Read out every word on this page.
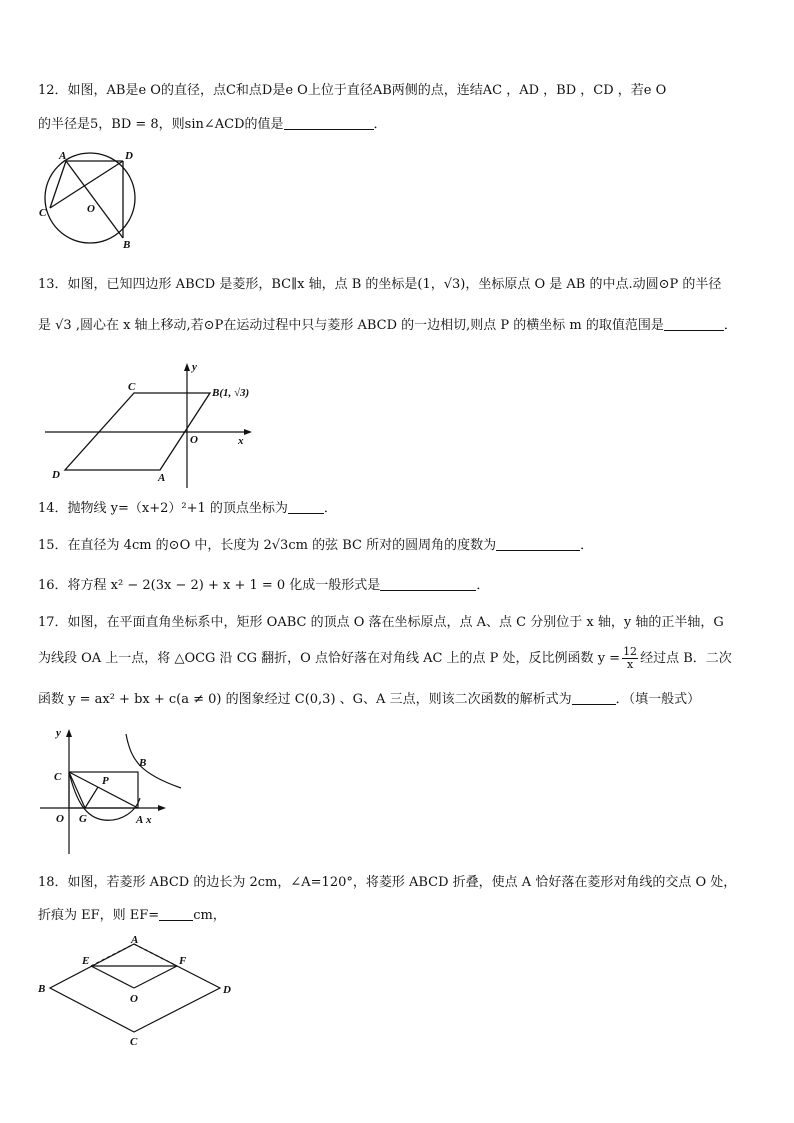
12．如图，AB是e O的直径，点C和点D是e O上位于直径AB两侧的点，连结AC ，AD ，BD ，CD ，若e O
的半径是5，BD = 8，则sin∠ACD的值是	．
A	D
C	O
B
13．如图，已知四边形 ABCD 是菱形，BC∥x 轴，点 B 的坐标是(1，√3)，坐标原点 O 是 AB 的中点.动圆⊙P 的半径
是 √3 ,圆心在 x 轴上移动,若⊙P在运动过程中只与菱形 ABCD 的一边相切,则点 P 的横坐标 m 的取值范围是	．
C	B(1, √3)
y
x
O
D	A
14．抛物线 y=（x+2）²+1 的顶点坐标为	．
15．在直径为 4cm 的⊙O 中，长度为 2√3cm 的弦 BC 所对的圆周角的度数为	．
16．将方程 x² − 2(3x − 2) + x + 1 = 0 化成一般形式是	．
17．如图，在平面直角坐标系中，矩形 OABC 的顶点 O 落在坐标原点，点 A、点 C 分别位于 x 轴，y 轴的正半轴，G
为线段 OA 上一点，将 △OCG 沿 CG 翻折，O 点恰好落在对角线 AC 上的点 P 处，反比例函数 $y = \frac{12}{x}$ 经过点 B．二次
函数 y = ax² + bx + c(a ≠ 0) 的图象经过 C(0,3) 、G、A 三点，则该二次函数的解析式为	．（填一般式）
y
C
B
P
O G	A x
18．如图，若菱形 ABCD 的边长为 2cm，∠A=120°，将菱形 ABCD 折叠，使点 A 恰好落在菱形对角线的交点 O 处，
折痕为 EF，则 EF=	cm，
A
E	F
B
O
D
C
